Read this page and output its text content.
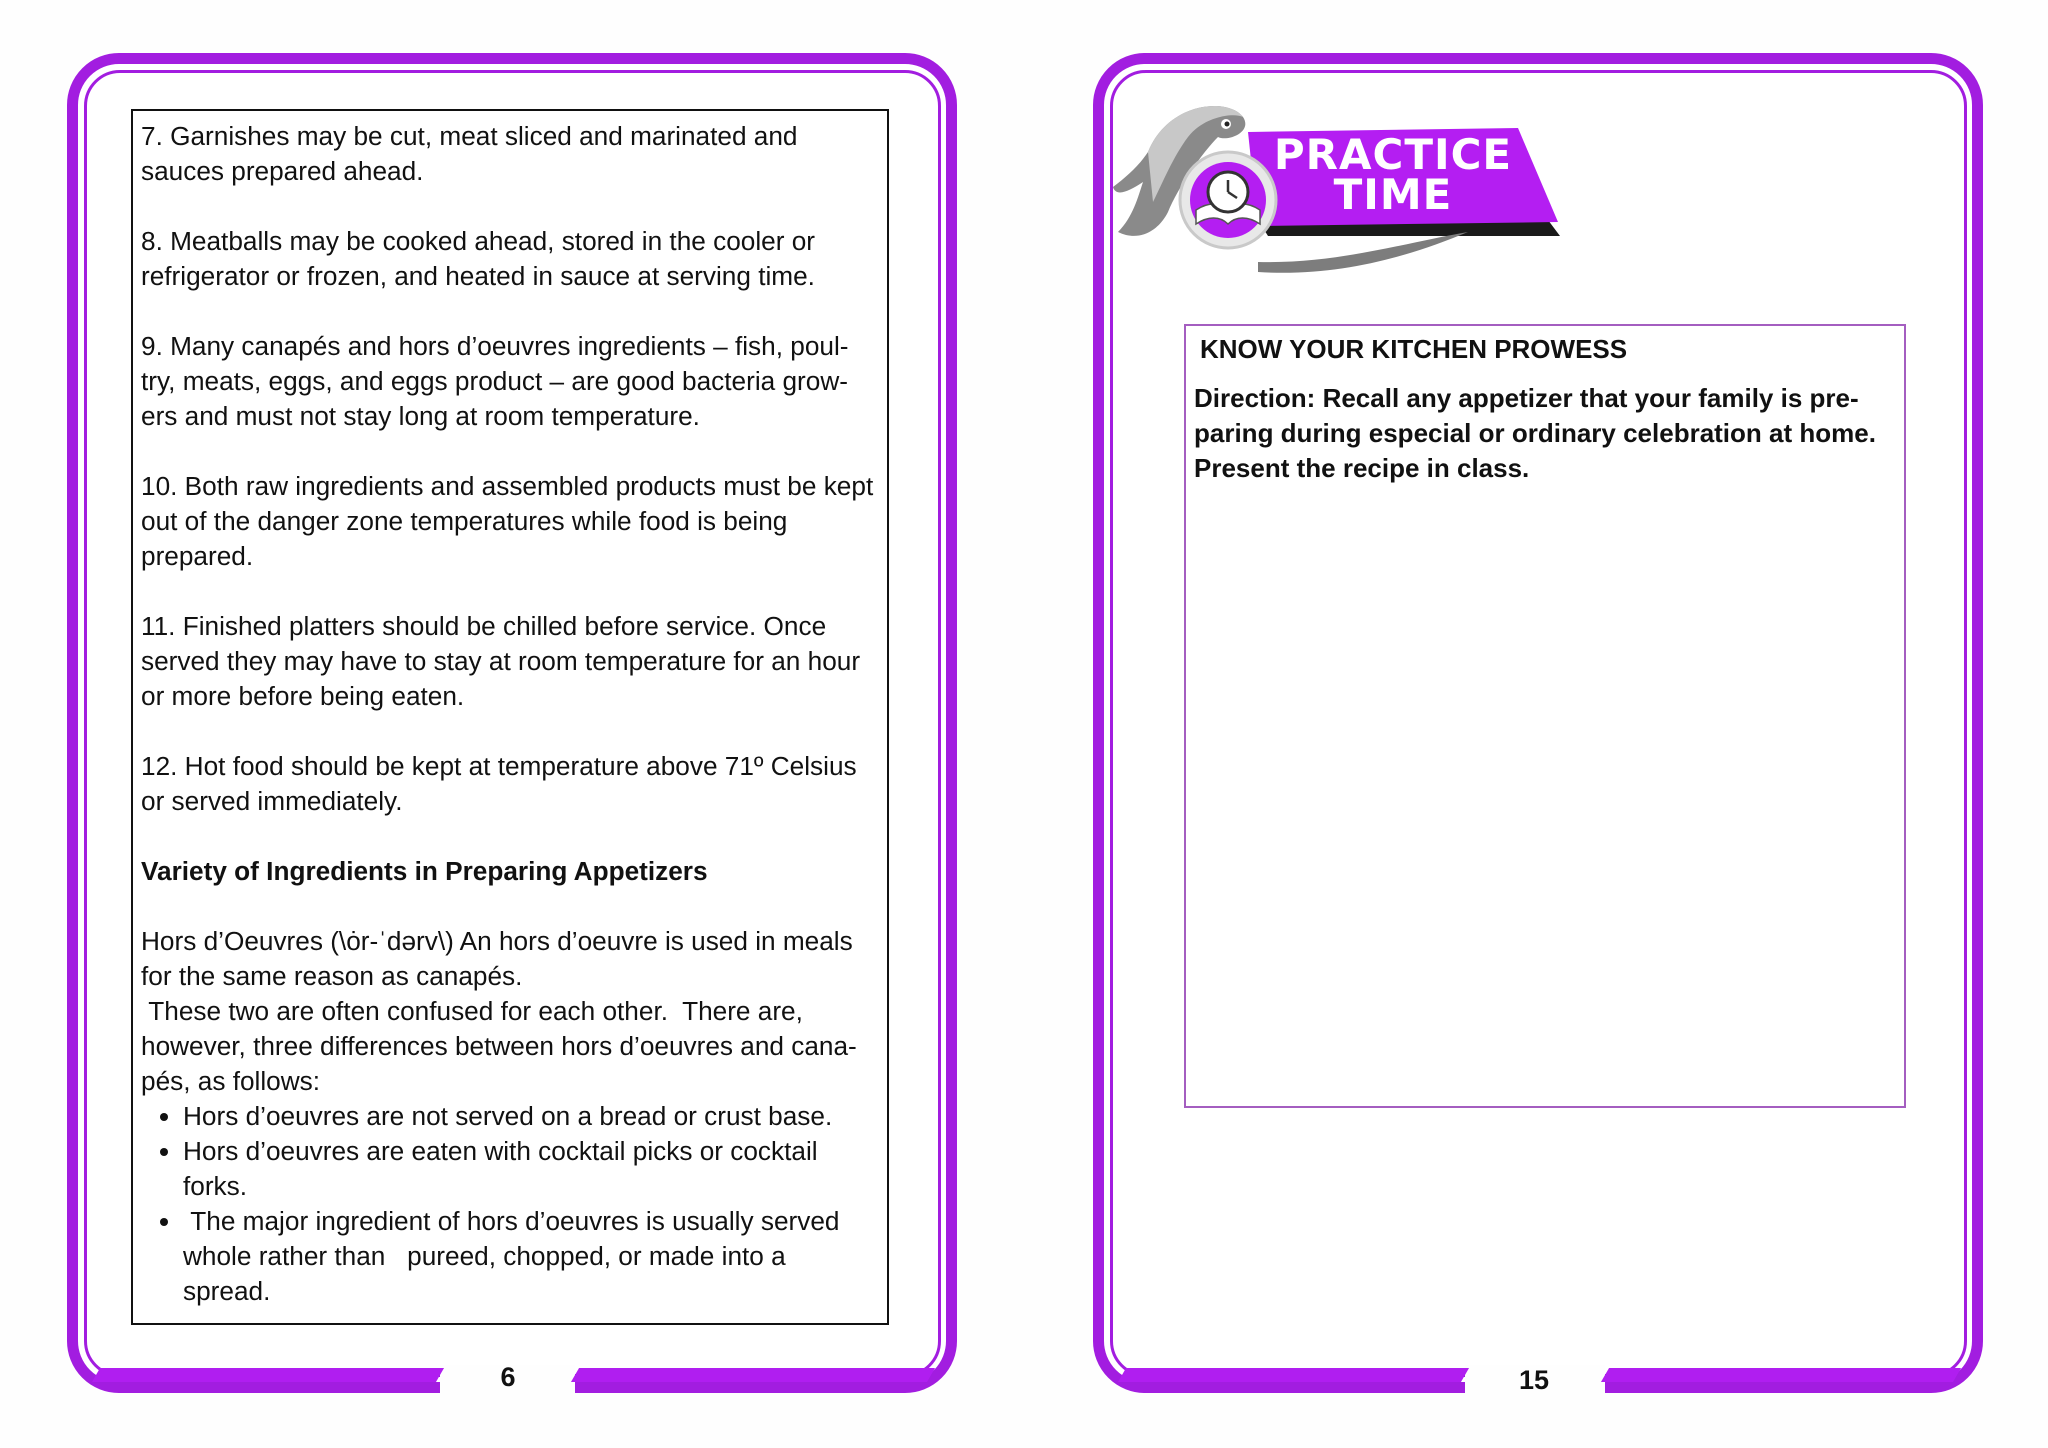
6	15

7. Garnishes may be cut, meat sliced and marinated and sauces prepared ahead.

8. Meatballs may be cooked ahead, stored in the cooler or refrigerator or frozen, and heated in sauce at serving time.

9. Many canapés and hors d’oeuvres ingredients – fish, poul-try, meats, eggs, and eggs product – are good bacteria grow-ers and must not stay long at room temperature.

10. Both raw ingredients and assembled products must be kept out of the danger zone temperatures while food is being prepared.

11. Finished platters should be chilled before service. Once served they may have to stay at room temperature for an hour or more before being eaten.

12. Hot food should be kept at temperature above 71º Celsius or served immediately.

Variety of Ingredients in Preparing Appetizers

Hors d’Oeuvres (\ȯr-ˈdərv\) An hors d’oeuvre is used in meals for the same reason as canapés.

These two are often confused for each other.  There are, however, three differences between hors d’oeuvres and cana-pés, as follows:

• Hors d’oeuvres are not served on a bread or crust base.
• Hors d’oeuvres are eaten with cocktail picks or cocktail forks.
•  The major ingredient of hors d’oeuvres is usually served whole rather than   pureed, chopped, or made into a spread.
PRACTICE
TIME
KNOW YOUR KITCHEN PROWESS
Direction: Recall any appetizer that your family is pre-paring during especial or ordinary celebration at home. Present the recipe in class.
